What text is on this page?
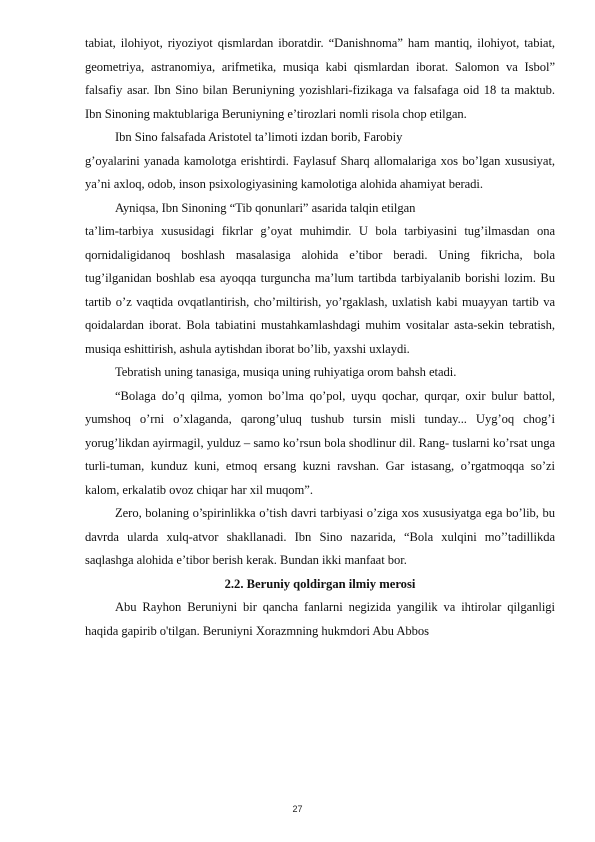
tabiat, ilohiyot, riyoziyot qismlardan iboratdir. “Danishnoma” ham mantiq, ilohiyot, tabiat, geometriya, astranomiya, arifmetika, musiqa kabi qismlardan iborat. Salomon va Isbol” falsafiy asar. Ibn Sino bilan Beruniyning yozishlari-fizikaga va falsafaga oid 18 ta maktub. Ibn Sinoning maktublariga Beruniyning e’tirozlari nomli risola chop etilgan.

Ibn Sino falsafada Aristotel ta’limoti izdan borib, Farobiy

g’oyalarini yanada kamolotga erishtirdi. Faylasuf Sharq allomalariga xos bo’lgan xususiyat, ya’ni axloq, odob, inson psixologiyasining kamolotiga alohida ahamiyat beradi.

Ayniqsa, Ibn Sinoning “Tib qonunlari” asarida talqin etilgan

ta’lim-tarbiya xususidagi fikrlar g’oyat muhimdir. U bola tarbiyasini tug’ilmasdan ona qornidaligidanoq boshlash masalasiga alohida e’tibor beradi. Uning fikricha, bola tug’ilganidan boshlab esa ayoqqa turguncha ma’lum tartibda tarbiyalanib borishi lozim. Bu tartib o’z vaqtida ovqatlantirish, cho’miltirish, yo’rgaklash, uxlatish kabi muayyan tartib va qoidalardan iborat. Bola tabiatini mustahkamlashdagi muhim vositalar asta-sekin tebratish, musiqa eshittirish, ashula aytishdan iborat bo’lib, yaxshi uxlaydi.

Tebratish uning tanasiga, musiqa uning ruhiyatiga orom bahsh etadi.

“Bolaga do’q qilma, yomon bo’lma qo’pol, uyqu qochar, qurqar, oxir bulur battol, yumshoq o’rni o’xlaganda, qarong’uluq tushub tursin misli tunday... Uyg’oq chog’i yorug’likdan ayirmagil, yulduz – samo ko’rsun bola shodlinur dil. Rang- tuslarni ko’rsat unga turli-tuman, kunduz kuni, etmoq ersang kuzni ravshan. Gar istasang, o’rgatmoqqa so’zi kalom, erkalatib ovoz chiqar har xil muqom”.

Zero, bolaning o’spirinlikka o’tish davri tarbiyasi o’ziga xos xususiyatga ega bo’lib, bu davrda ularda xulq-atvor shakllanadi. Ibn Sino nazarida, “Bola xulqini mo’’tadillikda saqlashga alohida e’tibor berish kerak. Bundan ikki manfaat bor.

2.2. Beruniy qoldirgan ilmiy merosi

Abu Rayhon Beruniyni bir qancha fanlarni negizida yangilik va ihtirolar qilganligi haqida gapirib o'tilgan. Beruniyni Xorazmning hukmdori Abu Abbos

27
